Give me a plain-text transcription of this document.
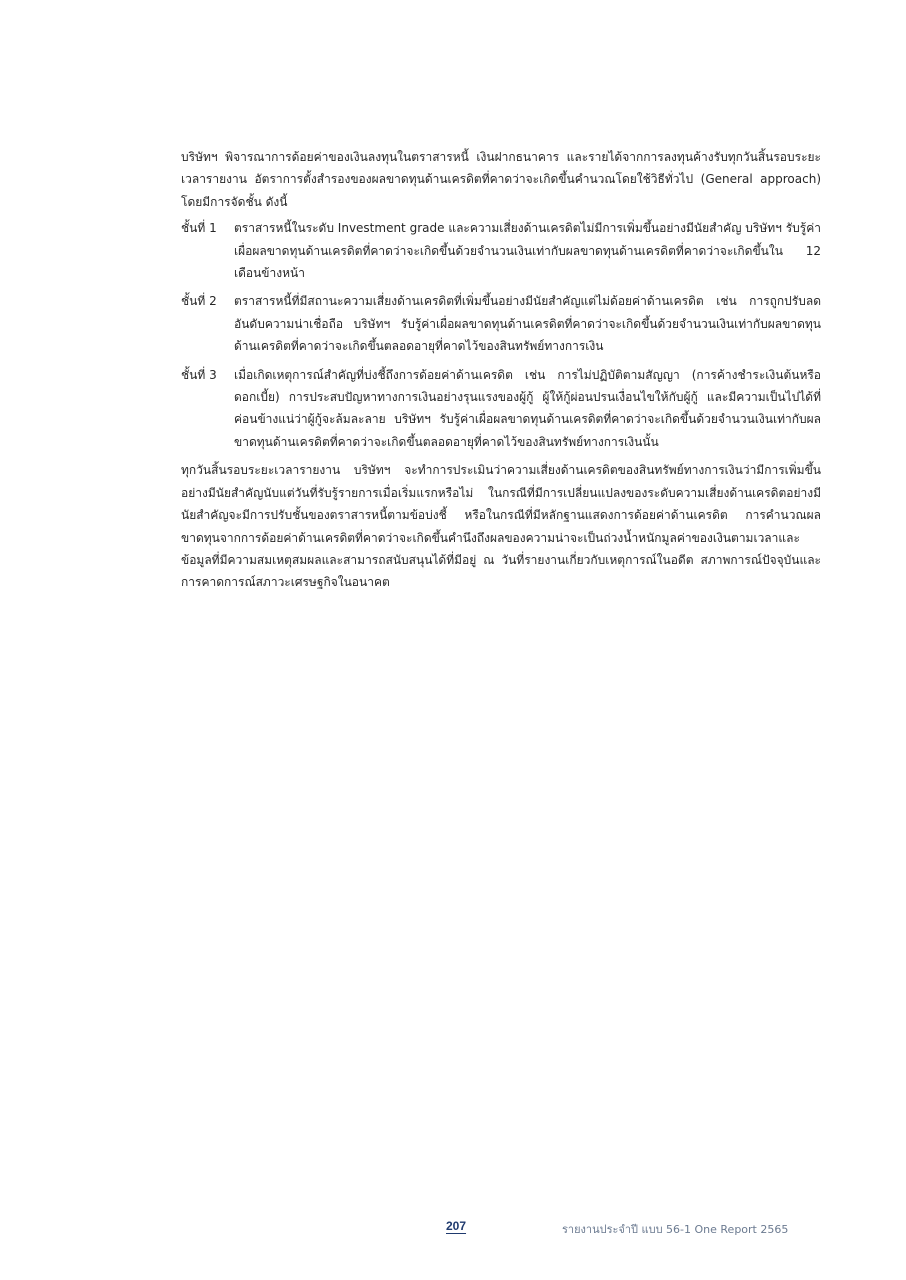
บริษัทฯ พิจารณาการด้อยค่าของเงินลงทุนในตราสารหนี้ เงินฝากธนาคาร และรายได้จากการลงทุนค้างรับทุกวันสิ้นรอบระยะเวลารายงาน อัตราการตั้งสำรองของผลขาดทุนด้านเครดิตที่คาดว่าจะเกิดขึ้นคำนวณโดยใช้วิธีทั่วไป (General approach) โดยมีการจัดชั้น ดังนี้

ชั้นที่ 1	ตราสารหนี้ในระดับ Investment grade และความเสี่ยงด้านเครดิตไม่มีการเพิ่มขึ้นอย่างมีนัยสำคัญ บริษัทฯ รับรู้ค่าเผื่อผลขาดทุนด้านเครดิตที่คาดว่าจะเกิดขึ้นด้วยจำนวนเงินเท่ากับผลขาดทุนด้านเครดิตที่คาดว่าจะเกิดขึ้นใน 12 เดือนข้างหน้า

ชั้นที่ 2	ตราสารหนี้ที่มีสถานะความเสี่ยงด้านเครดิตที่เพิ่มขึ้นอย่างมีนัยสำคัญแต่ไม่ด้อยค่าด้านเครดิต เช่น การถูกปรับลดอันดับความน่าเชื่อถือ บริษัทฯ รับรู้ค่าเผื่อผลขาดทุนด้านเครดิตที่คาดว่าจะเกิดขึ้นด้วยจำนวนเงินเท่ากับผลขาดทุนด้านเครดิตที่คาดว่าจะเกิดขึ้นตลอดอายุที่คาดไว้ของสินทรัพย์ทางการเงิน

ชั้นที่ 3	เมื่อเกิดเหตุการณ์สำคัญที่บ่งชี้ถึงการด้อยค่าด้านเครดิต เช่น การไม่ปฏิบัติตามสัญญา (การค้างชำระเงินต้นหรือดอกเบี้ย) การประสบปัญหาทางการเงินอย่างรุนแรงของผู้กู้ ผู้ให้กู้ผ่อนปรนเงื่อนไขให้กับผู้กู้ และมีความเป็นไปได้ที่ค่อนข้างแน่ว่าผู้กู้จะล้มละลาย บริษัทฯ รับรู้ค่าเผื่อผลขาดทุนด้านเครดิตที่คาดว่าจะเกิดขึ้นด้วยจำนวนเงินเท่ากับผลขาดทุนด้านเครดิตที่คาดว่าจะเกิดขึ้นตลอดอายุที่คาดไว้ของสินทรัพย์ทางการเงินนั้น

ทุกวันสิ้นรอบระยะเวลารายงาน บริษัทฯ จะทำการประเมินว่าความเสี่ยงด้านเครดิตของสินทรัพย์ทางการเงินว่ามีการเพิ่มขึ้นอย่างมีนัยสำคัญนับแต่วันที่รับรู้รายการเมื่อเริ่มแรกหรือไม่ ในกรณีที่มีการเปลี่ยนแปลงของระดับความเสี่ยงด้านเครดิตอย่างมีนัยสำคัญจะมีการปรับชั้นของตราสารหนี้ตามข้อบ่งชี้ หรือในกรณีที่มีหลักฐานแสดงการด้อยค่าด้านเครดิต การคำนวณผลขาดทุนจากการด้อยค่าด้านเครดิตที่คาดว่าจะเกิดขึ้นคำนึงถึงผลของความน่าจะเป็นถ่วงน้ำหนักมูลค่าของเงินตามเวลาและข้อมูลที่มีความสมเหตุสมผลและสามารถสนับสนุนได้ที่มีอยู่ ณ วันที่รายงานเกี่ยวกับเหตุการณ์ในอดีต สภาพการณ์ปัจจุบันและการคาดการณ์สภาวะเศรษฐกิจในอนาคต

207	รายงานประจำปี แบบ 56-1 One Report 2565
